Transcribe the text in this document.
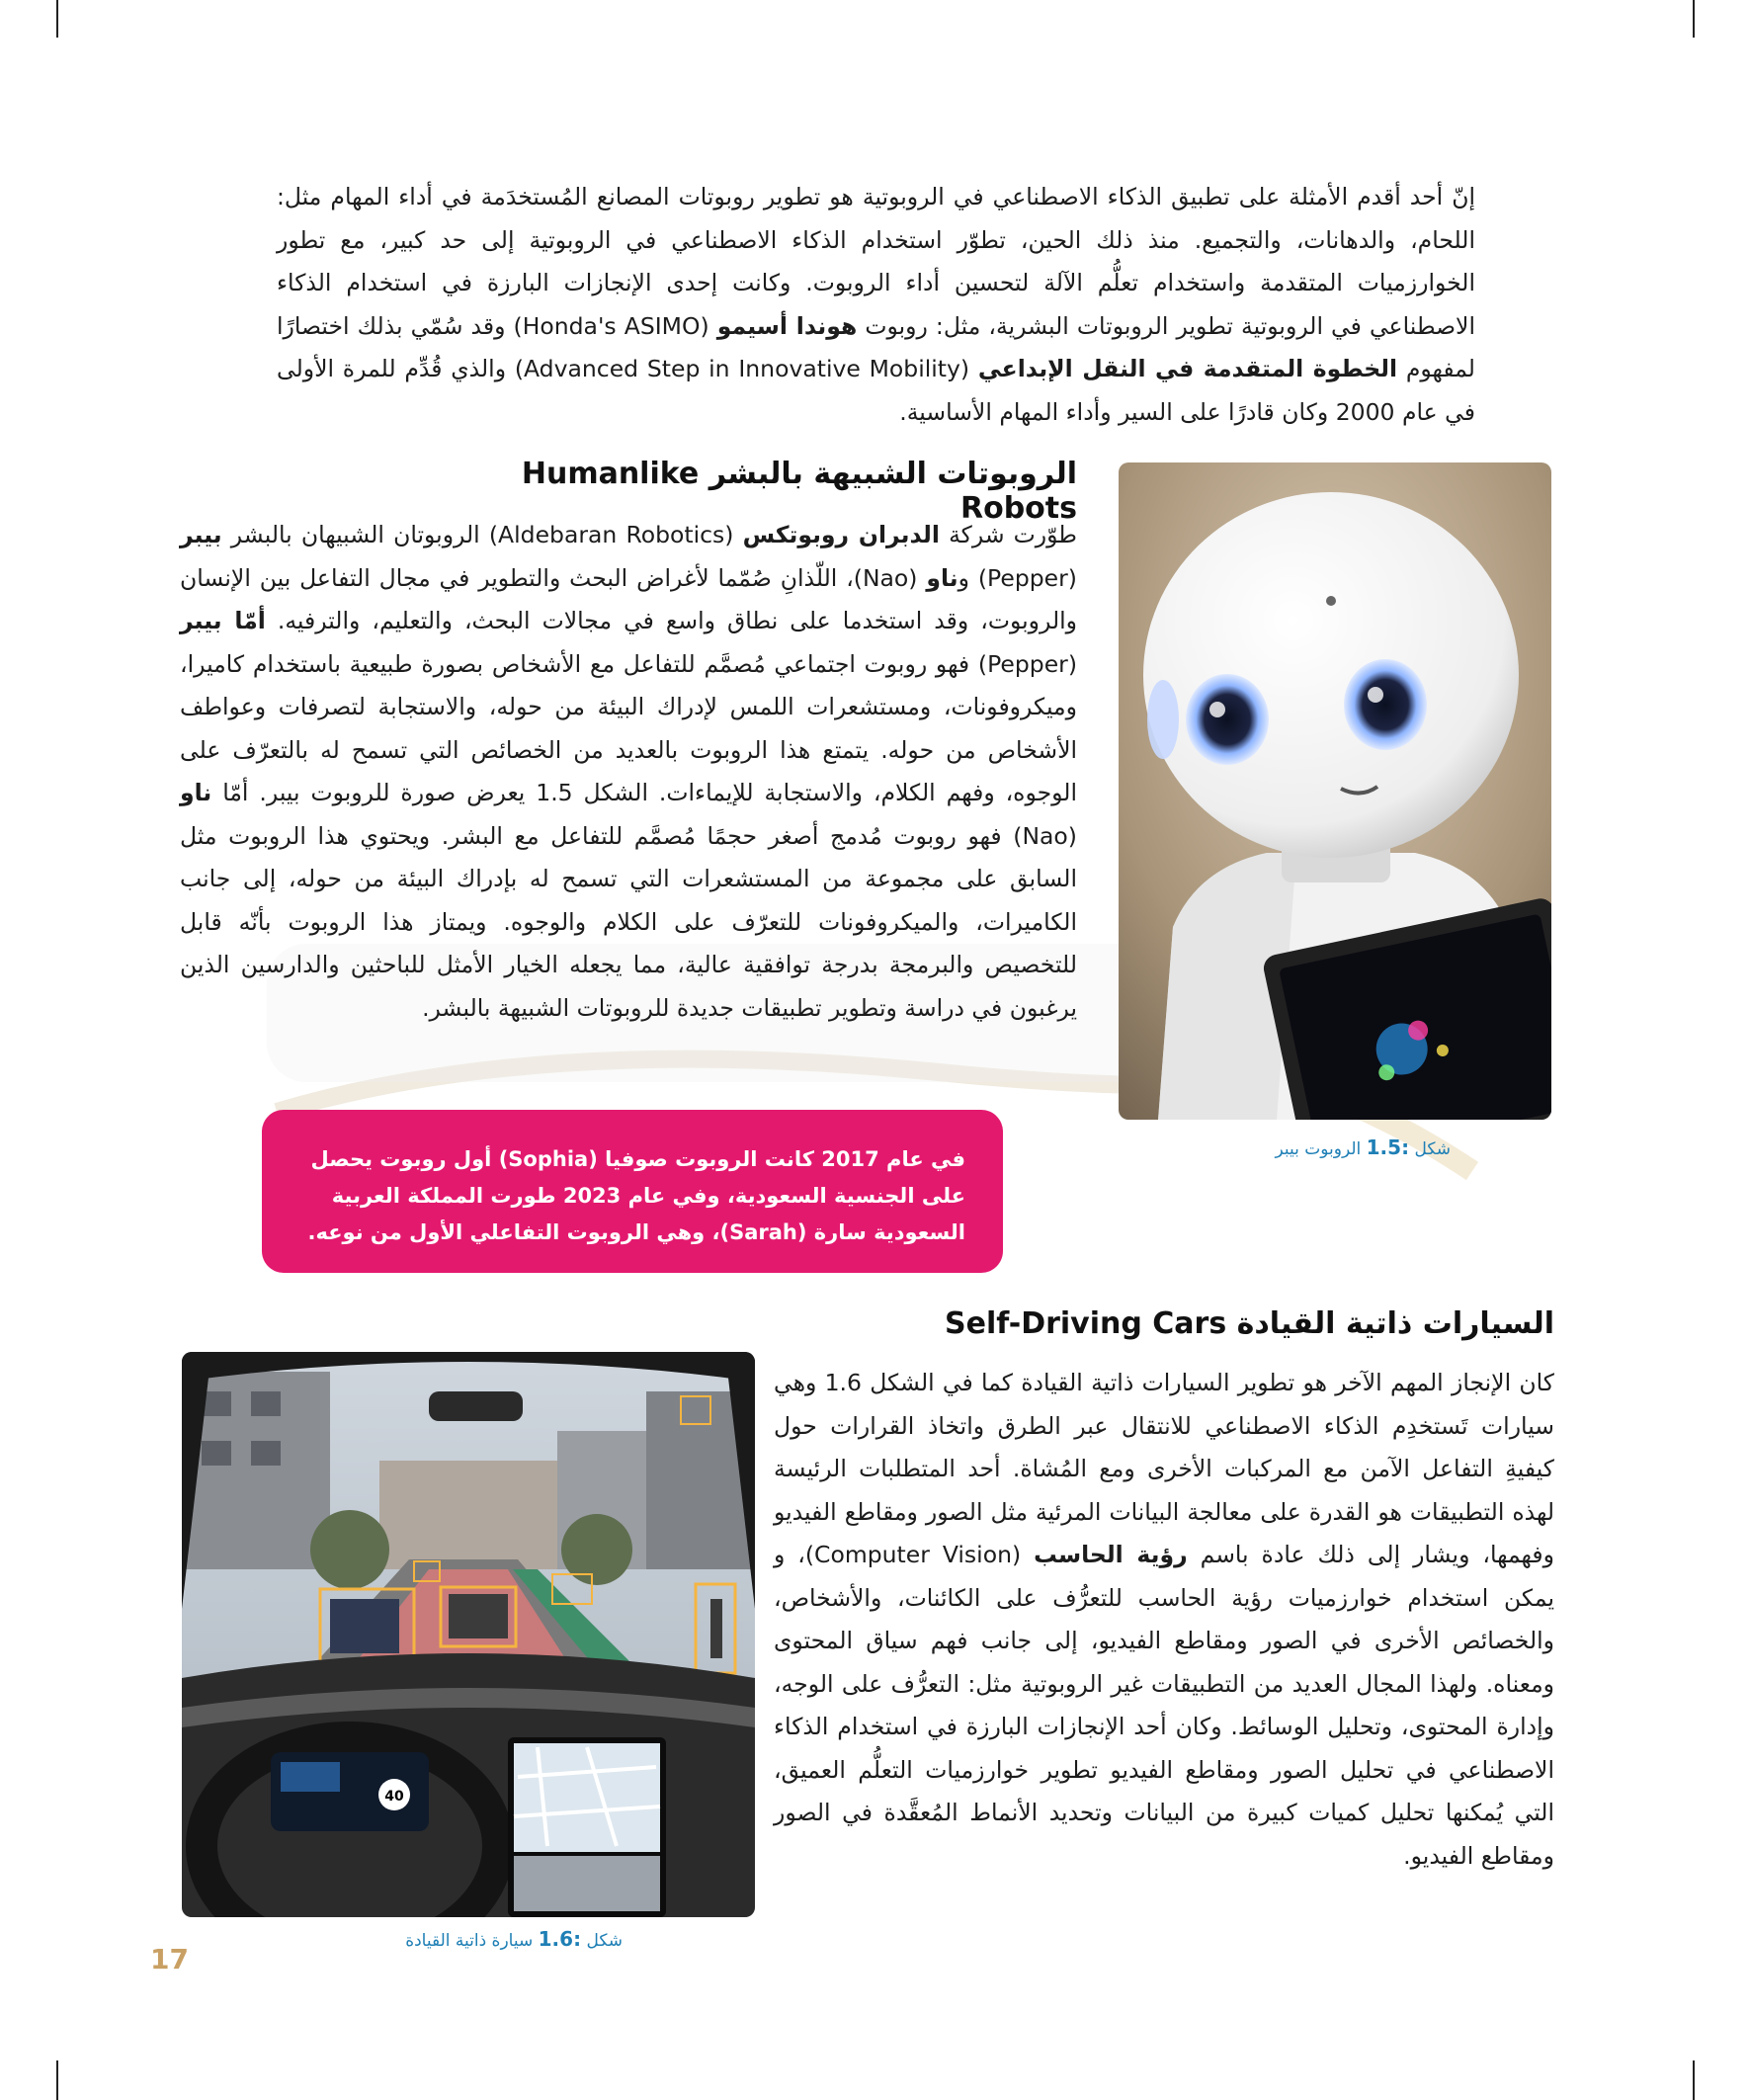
إنّ أحد أقدم الأمثلة على تطبيق الذكاء الاصطناعي في الروبوتية هو تطوير روبوتات المصانع المُستخدَمة في أداء المهام مثل: اللحام، والدهانات، والتجميع. منذ ذلك الحين، تطوّر استخدام الذكاء الاصطناعي في الروبوتية إلى حد كبير، مع تطور الخوارزميات المتقدمة واستخدام تعلُّم الآلة لتحسين أداء الروبوت. وكانت إحدى الإنجازات البارزة في استخدام الذكاء الاصطناعي في الروبوتية تطوير الروبوتات البشرية، مثل: روبوت هوندا أسيمو (Honda's ASIMO) وقد سُمّي بذلك اختصارًا لمفهوم الخطوة المتقدمة في النقل الإبداعي (Advanced Step in Innovative Mobility) والذي قُدِّم للمرة الأولى في عام 2000 وكان قادرًا على السير وأداء المهام الأساسية.

الروبوتات الشبيهة بالبشر Humanlike Robots

طوّرت شركة الدبران روبوتكس (Aldebaran Robotics) الروبوتان الشبيهان بالبشر بيبر (Pepper) وناو (Nao)، اللّذانِ صُمّما لأغراض البحث والتطوير في مجال التفاعل بين الإنسان والروبوت، وقد استخدما على نطاق واسع في مجالات البحث، والتعليم، والترفيه. أمّا بيبر (Pepper) فهو روبوت اجتماعي مُصمَّم للتفاعل مع الأشخاص بصورة طبيعية باستخدام كاميرا، وميكروفونات، ومستشعرات اللمس لإدراك البيئة من حوله، والاستجابة لتصرفات وعواطف الأشخاص من حوله. يتمتع هذا الروبوت بالعديد من الخصائص التي تسمح له بالتعرّف على الوجوه، وفهم الكلام، والاستجابة للإيماءات. الشكل 1.5 يعرض صورة للروبوت بيبر. أمّا ناو (Nao) فهو روبوت مُدمج أصغر حجمًا مُصمَّم للتفاعل مع البشر. ويحتوي هذا الروبوت مثل السابق على مجموعة من المستشعرات التي تسمح له بإدراك البيئة من حوله، إلى جانب الكاميرات، والميكروفونات للتعرّف على الكلام والوجوه. ويمتاز هذا الروبوت بأنّه قابل للتخصيص والبرمجة بدرجة توافقية عالية، مما يجعله الخيار الأمثل للباحثين والدارسين الذين يرغبون في دراسة وتطوير تطبيقات جديدة للروبوتات الشبيهة بالبشر.

شكل 1.5: الروبوت بيبر
في عام 2017 كانت الروبوت صوفيا (Sophia) أول روبوت يحصل على الجنسية السعودية، وفي عام 2023 طورت المملكة العربية السعودية سارة (Sarah)، وهي الروبوت التفاعلي الأول من نوعه.
السيارات ذاتية القيادة Self-Driving Cars

كان الإنجاز المهم الآخر هو تطوير السيارات ذاتية القيادة كما في الشكل 1.6 وهي سيارات تَستخدِم الذكاء الاصطناعي للانتقال عبر الطرق واتخاذ القرارات حول كيفيةِ التفاعل الآمن مع المركبات الأخرى ومع المُشاة. أحد المتطلبات الرئيسة لهذه التطبيقات هو القدرة على معالجة البيانات المرئية مثل الصور ومقاطع الفيديو وفهمها، ويشار إلى ذلك عادة باسم رؤية الحاسب (Computer Vision)، و يمكن استخدام خوارزميات رؤية الحاسب للتعرُّف على الكائنات، والأشخاص، والخصائص الأخرى في الصور ومقاطع الفيديو، إلى جانب فهم سياق المحتوى ومعناه. ولهذا المجال العديد من التطبيقات غير الروبوتية مثل: التعرُّف على الوجه، وإدارة المحتوى، وتحليل الوسائط. وكان أحد الإنجازات البارزة في استخدام الذكاء الاصطناعي في تحليل الصور ومقاطع الفيديو تطوير خوارزميات التعلُّم العميق، التي يُمكنها تحليل كميات كبيرة من البيانات وتحديد الأنماط المُعقَّدة في الصور ومقاطع الفيديو.

40
شكل 1.6: سيارة ذاتية القيادة
17
